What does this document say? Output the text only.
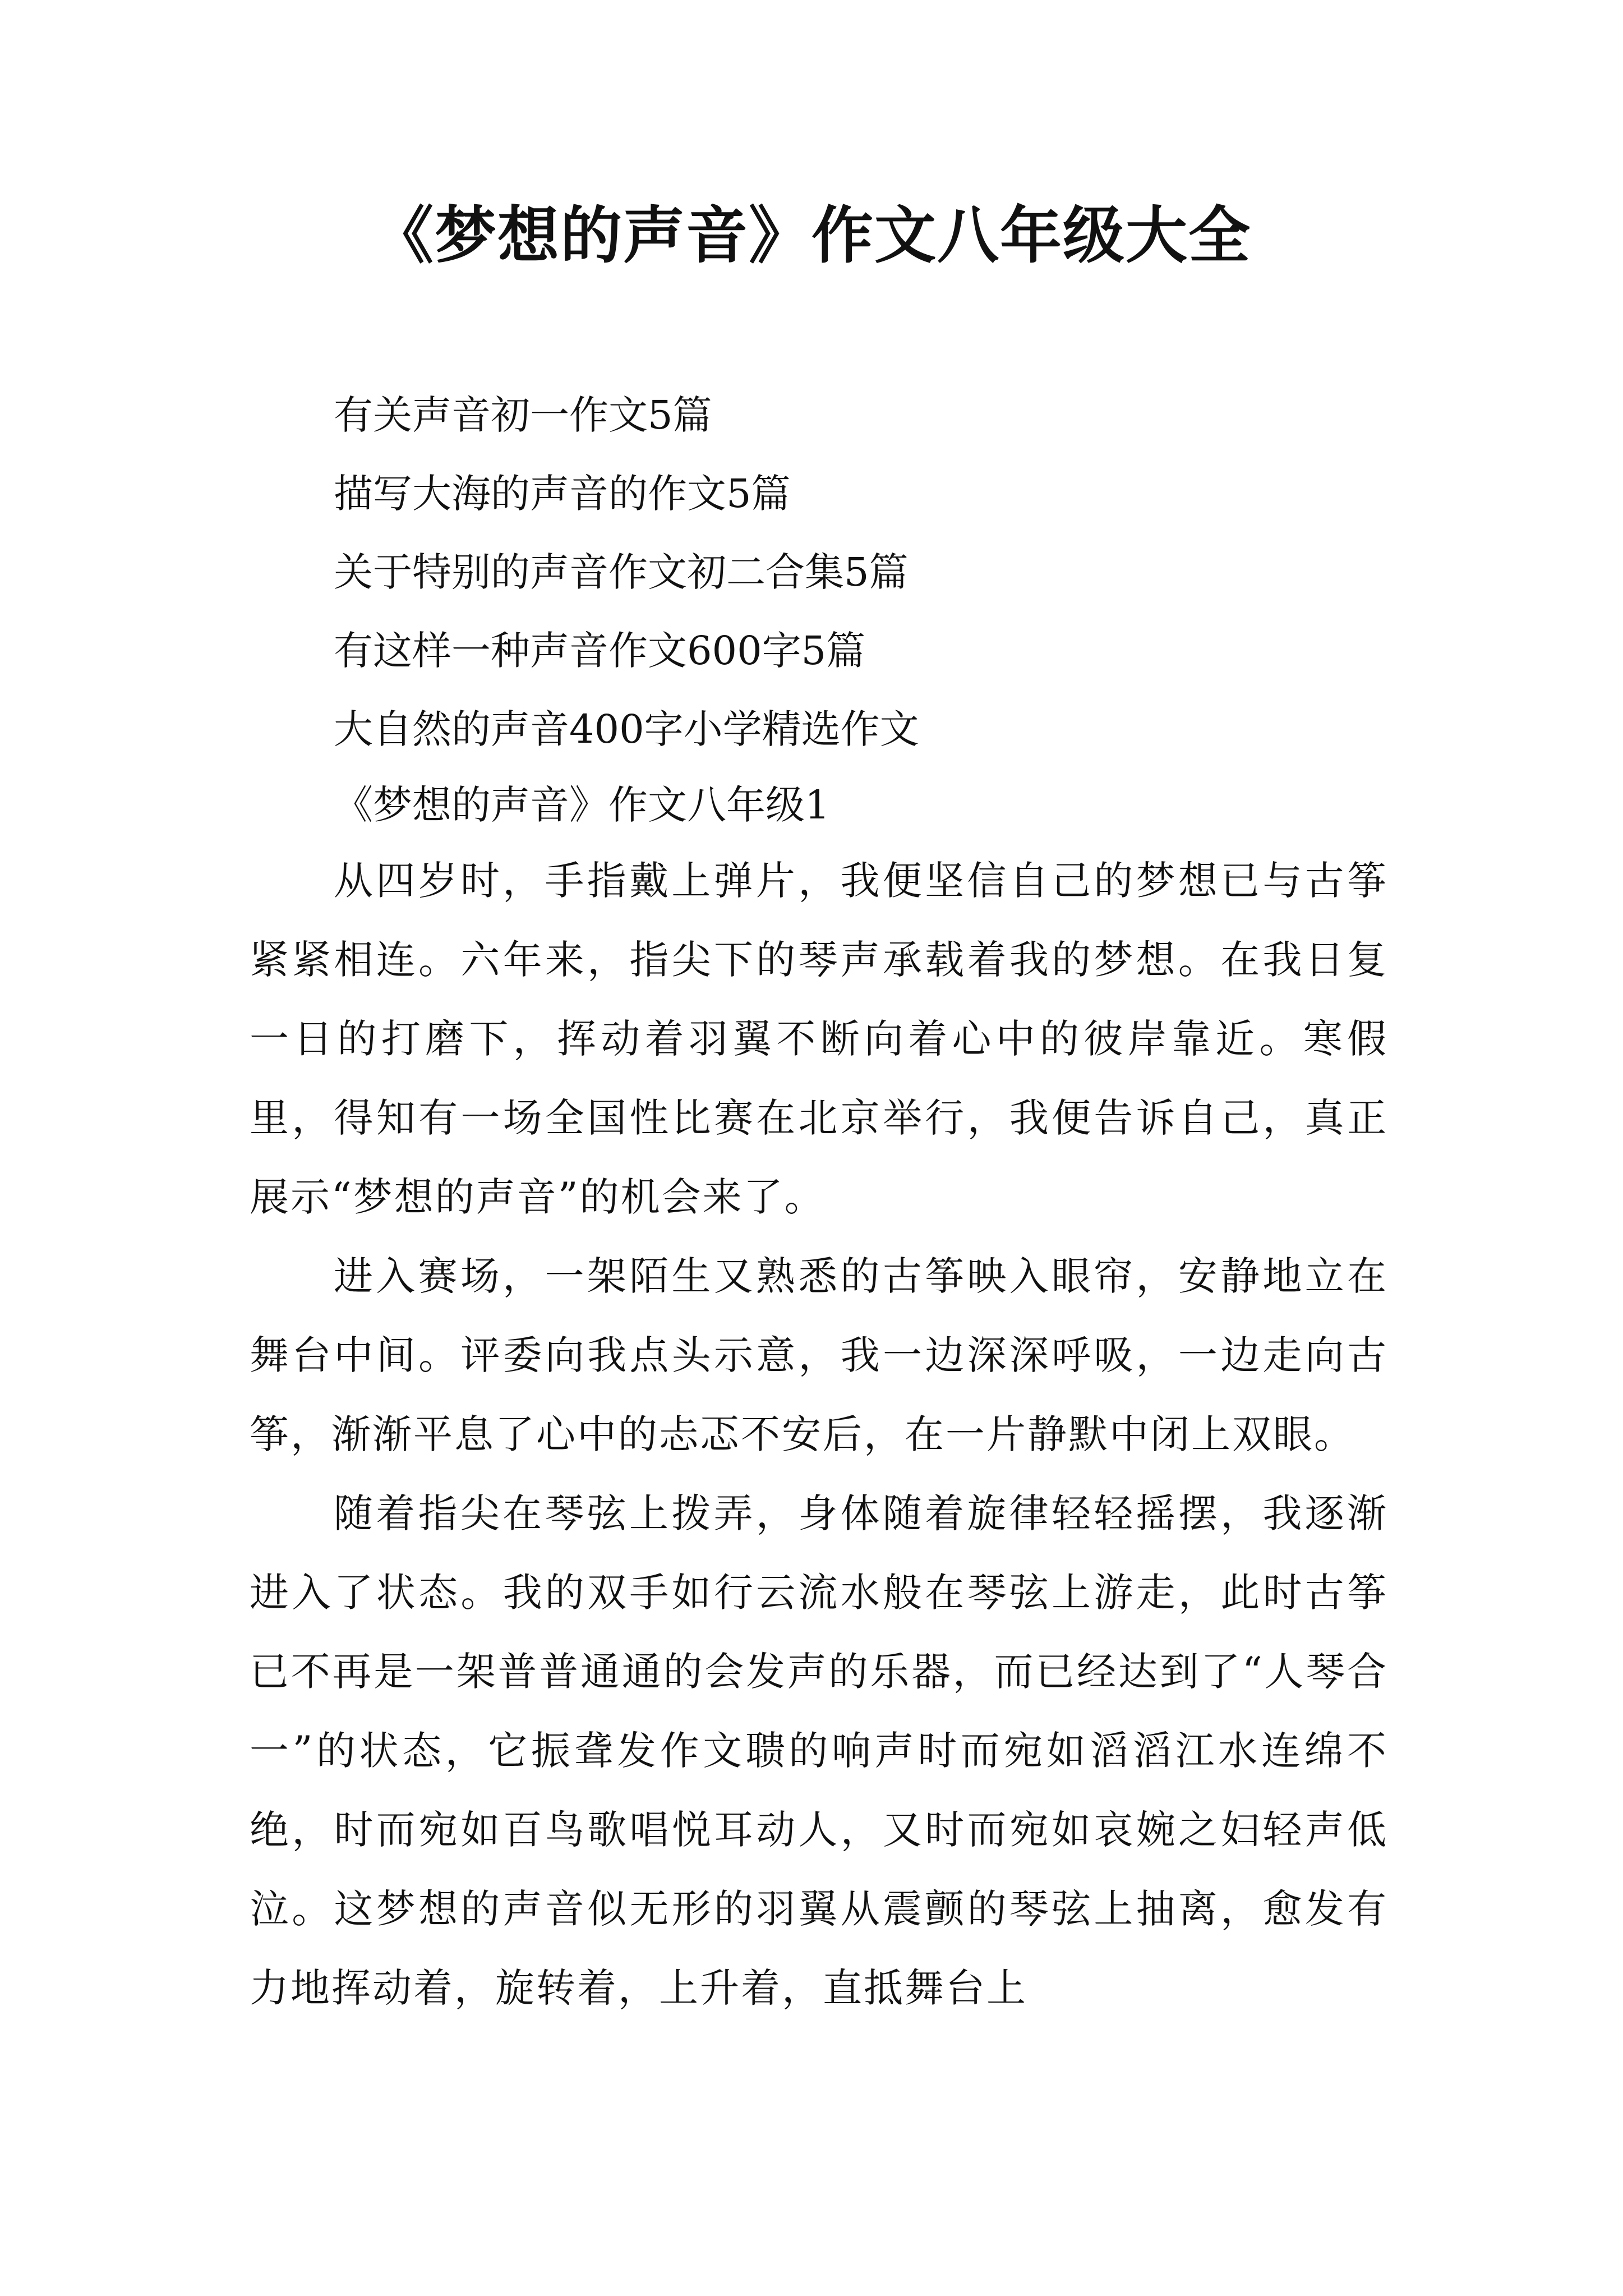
《梦想的声音》作文八年级大全
有关声音初一作文5篇
描写大海的声音的作文5篇
关于特别的声音作文初二合集5篇
有这样一种声音作文600字5篇
大自然的声音400字小学精选作文
《梦想的声音》作文八年级1

从四岁时，手指戴上弹片，我便坚信自己的梦想已与古筝紧紧相连。六年来，指尖下的琴声承载着我的梦想。在我日复一日的打磨下，挥动着羽翼不断向着心中的彼岸靠近。寒假里，得知有一场全国性比赛在北京举行，我便告诉自己，真正展示“梦想的声音”的机会来了。

进入赛场，一架陌生又熟悉的古筝映入眼帘，安静地立在舞台中间。评委向我点头示意，我一边深深呼吸，一边走向古筝，渐渐平息了心中的忐忑不安后，在一片静默中闭上双眼。

随着指尖在琴弦上拨弄，身体随着旋律轻轻摇摆，我逐渐进入了状态。我的双手如行云流水般在琴弦上游走，此时古筝已不再是一架普普通通的会发声的乐器，而已经达到了“人琴合一”的状态，它振聋发作文聩的响声时而宛如滔滔江水连绵不绝，时而宛如百鸟歌唱悦耳动人，又时而宛如哀婉之妇轻声低泣。这梦想的声音似无形的羽翼从震颤的琴弦上抽离，愈发有力地挥动着，旋转着，上升着，直抵舞台上
